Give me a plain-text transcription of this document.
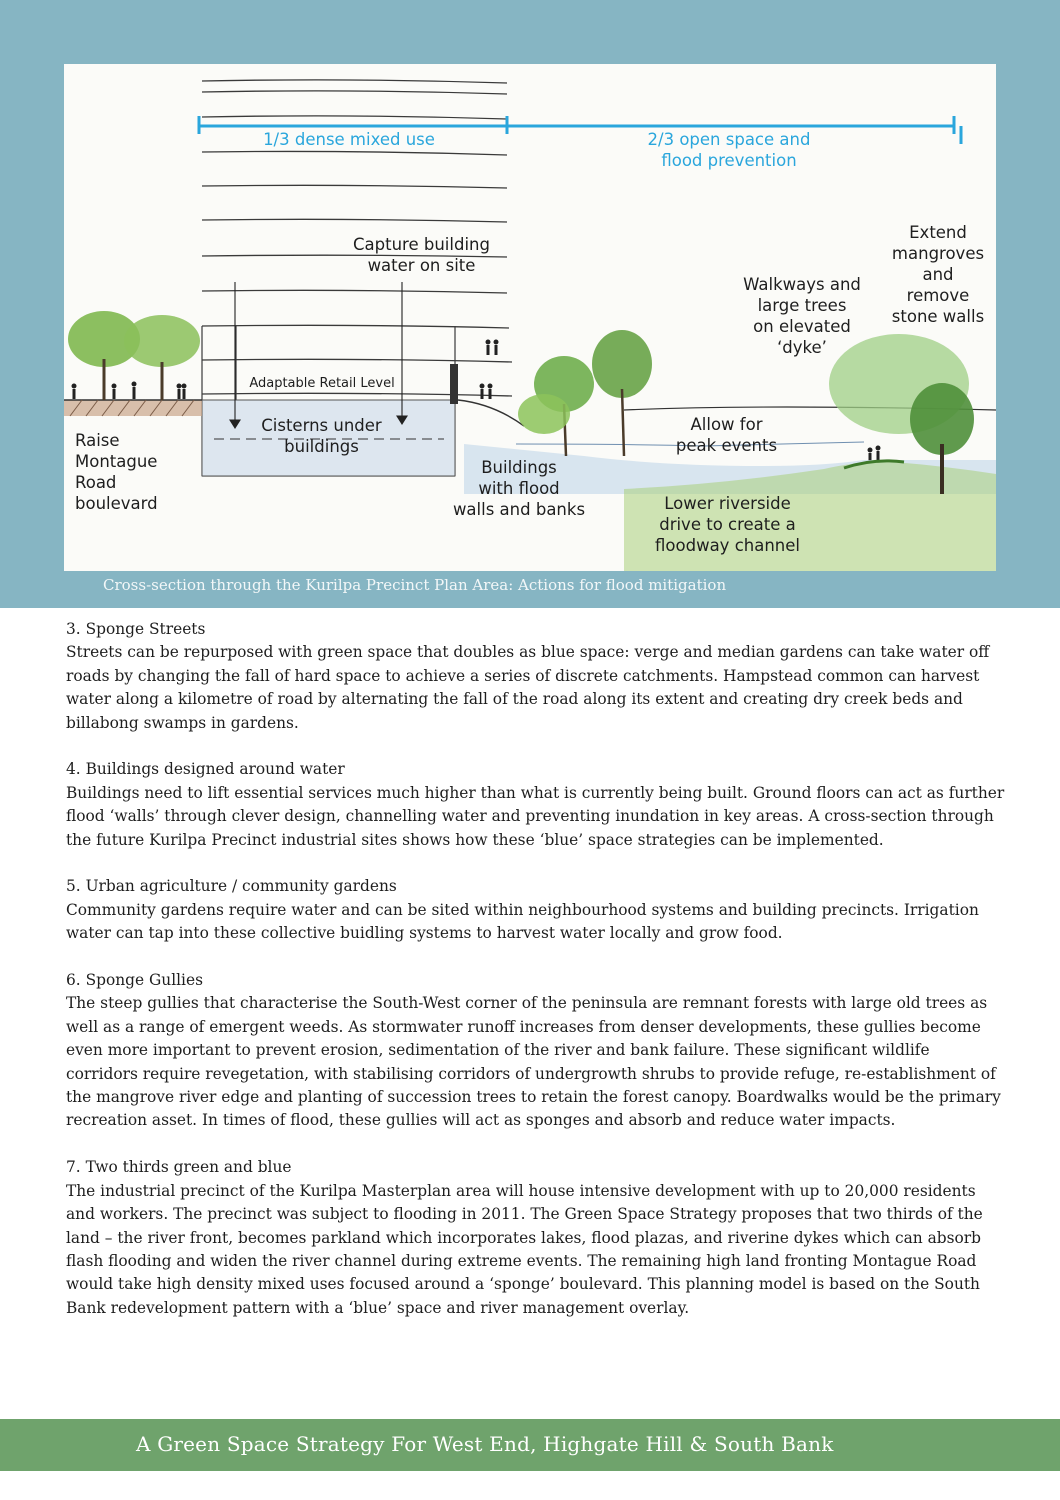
1/3 dense mixed use	2/3 open space and
flood prevention
Capture building
water on site
Extend
mangroves
and
remove
stone walls
Walkways and
large trees
on elevated
‘dyke’
Adaptable Retail Level
Cisterns under
buildings
Allow for
peak events
Raise
Montague
Road
boulevard
Buildings
with flood
walls and banks	Lower riverside
drive to create a
floodway channel
Cross-section through the Kurilpa Precinct Plan Area: Actions for flood mitigation

3. Sponge Streets
Streets can be repurposed with green space that doubles as blue space: verge and median gardens can take water off roads by changing the fall of hard space to achieve a series of discrete catchments. Hampstead common can harvest water along a kilometre of road by alternating the fall of the road along its extent and creating dry creek beds and billabong swamps in gardens.

4. Buildings designed around water
Buildings need to lift essential services much higher than what is currently being built. Ground floors can act as further flood ‘walls’ through clever design, channelling water and preventing inundation in key areas. A cross-section through the future Kurilpa Precinct industrial sites shows how these ‘blue’ space strategies can be implemented.

5. Urban agriculture / community gardens
Community gardens require water and can be sited within neighbourhood systems and building precincts. Irrigation water can tap into these collective buidling systems to harvest water locally and grow food.

6. Sponge Gullies
The steep gullies that characterise the South-West corner of the peninsula are remnant forests with large old trees as well as a range of emergent weeds. As stormwater runoff increases from denser developments, these gullies become even more important to prevent erosion, sedimentation of the river and bank failure. These significant wildlife corridors require revegetation, with stabilising corridors of undergrowth shrubs to provide refuge, re-establishment of the mangrove river edge and planting of succession trees to retain the forest canopy. Boardwalks would be the primary recreation asset. In times of flood, these gullies will act as sponges and absorb and reduce water impacts.

7. Two thirds green and blue
The industrial precinct of the Kurilpa Masterplan area will house intensive development with up to 20,000 residents and workers. The precinct was subject to flooding in 2011. The Green Space Strategy proposes that two thirds of the land – the river front, becomes parkland which incorporates lakes, flood plazas, and riverine dykes which can absorb flash flooding and widen the river channel during extreme events. The remaining high land fronting Montague Road would take high density mixed uses focused around a ‘sponge’ boulevard. This planning model is based on the South Bank redevelopment pattern with a ‘blue’ space and river management overlay.

A Green Space Strategy For West End, Highgate Hill & South Bank
